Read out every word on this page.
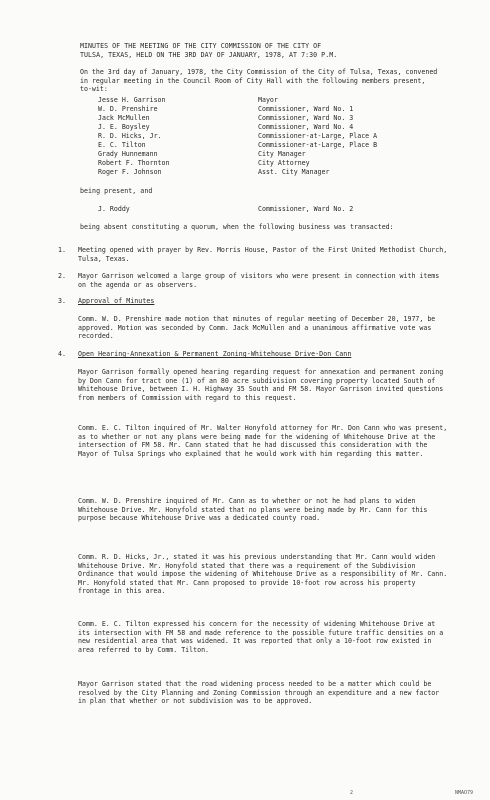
MINUTES OF THE MEETING OF THE CITY COMMISSION OF THE CITY OF
TULSA, TEXAS, HELD ON THE 3RD DAY OF JANUARY, 1978, AT 7:30 P.M.
On the 3rd day of January, 1978, the City Commission of the City of Tulsa, Texas, convened in regular meeting in the Council Room of City Hall with the following members present, to-wit:
Jesse H. Garrison	Mayor
W. D. Prenshire	Commissioner, Ward No. 1
Jack McMullen	Commissioner, Ward No. 3
J. E. Boysley	Commissioner, Ward No. 4
R. D. Hicks, Jr.	Commissioner-at-Large, Place A
E. C. Tilton	Commissioner-at-Large, Place B
Grady Hunnemann	City Manager
Robert F. Thornton	City Attorney
Roger F. Johnson	Asst. City Manager
being present, and
J. Roddy	Commissioner, Ward No. 2
being absent constituting a quorum, when the following business was transacted:
1. Meeting opened with prayer by Rev. Morris House, Pastor of the First United Methodist Church, Tulsa, Texas.
2. Mayor Garrison welcomed a large group of visitors who were present in connection with items on the agenda or as observers.
3. Approval of Minutes
Comm. W. D. Prenshire made motion that minutes of regular meeting of December 20, 1977, be approved. Motion was seconded by Comm. Jack McMullen and a unanimous affirmative vote was recorded.
4. Open Hearing-Annexation & Permanent Zoning-Whitehouse Drive-Don Cann
Mayor Garrison formally opened hearing regarding request for annexation and permanent zoning by Don Cann for tract one (1) of an 80 acre subdivision covering property located South of Whitehouse Drive, between I. H. Highway 35 South and FM 58. Mayor Garrison invited questions from members of Commission with regard to this request.
Comm. E. C. Tilton inquired of Mr. Walter Honyfold attorney for Mr. Don Cann who was present, as to whether or not any plans were being made for the widening of Whitehouse Drive at the intersection of FM 58. Mr. Cann stated that he had discussed this consideration with the Mayor of Tulsa Springs who explained that he would work with him regarding this matter.
Comm. W. D. Prenshire inquired of Mr. Cann as to whether or not he had plans to widen Whitehouse Drive. Mr. Honyfold stated that no plans were being made by Mr. Cann for this purpose because Whitehouse Drive was a dedicated county road.
Comm. R. D. Hicks, Jr., stated it was his previous understanding that Mr. Cann would widen Whitehouse Drive. Mr. Honyfold stated that there was a requirement of the Subdivision Ordinance that would impose the widening of Whitehouse Drive as a responsibility of Mr. Cann. Mr. Honyfold stated that Mr. Cann proposed to provide 10-foot row across his property frontage in this area.
Comm. E. C. Tilton expressed his concern for the necessity of widening Whitehouse Drive at its intersection with FM 58 and made reference to the possible future traffic densities on a new residential area that was widened. It was reported that only a 10-foot row existed in area referred to by Comm. Tilton.
Mayor Garrison stated that the road widening process needed to be a matter which could be resolved by the City Planning and Zoning Commission through an expenditure and a new factor in plan that whether or not subdivision was to be approved.
2	NMAO79
